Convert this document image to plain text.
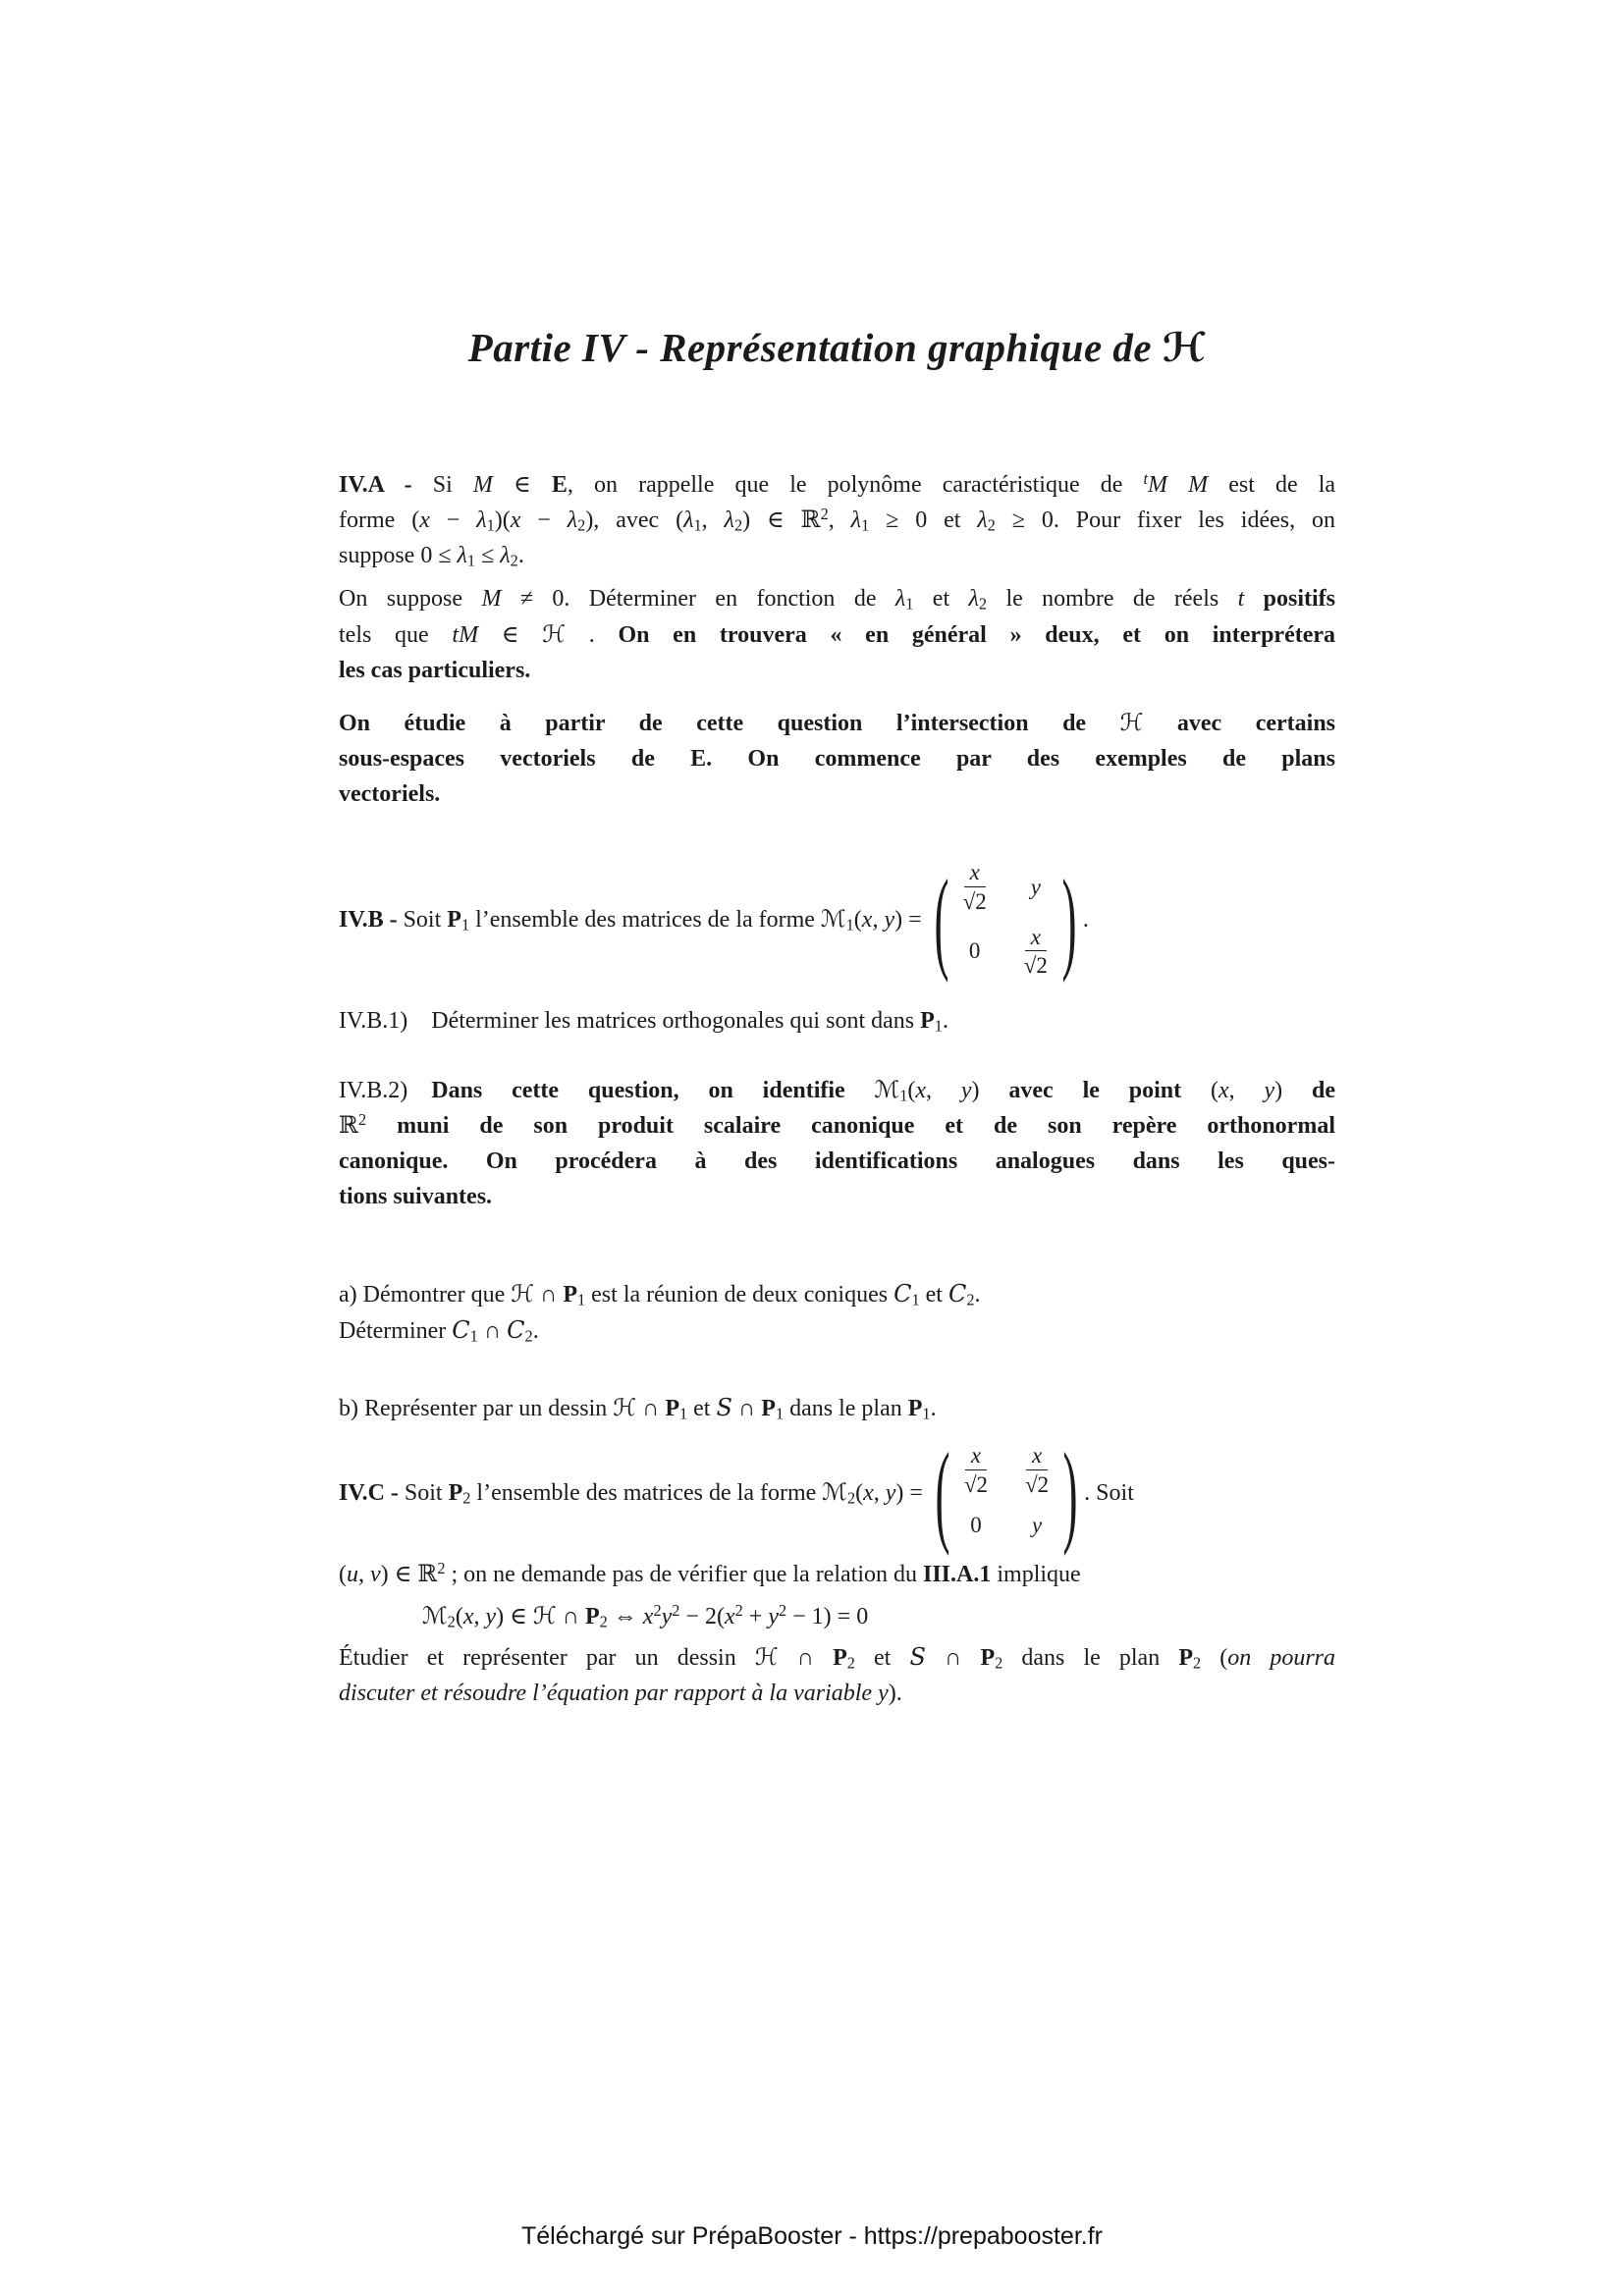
Partie IV - Représentation graphique de ℋ
IV.A - Si M ∈ E, on rappelle que le polynôme caractéristique de $^t$M M est de la
forme $(x - \lambda_1)(x - \lambda_2)$, avec ($\lambda_1$, $\lambda_2$) ∈ ℝ$^2$, $\lambda_1 \ge 0$ et $\lambda_2 \ge 0$. Pour fixer les idées, on
suppose $0 \le \lambda_1 \le \lambda_2$.
On suppose M ≠ 0. Déterminer en fonction de $\lambda_1$ et $\lambda_2$ le nombre de réels t positifs
tels que tM ∈ ℋ . On en trouvera « en général » deux, et on interprétera
les cas particuliers.
On étudie à partir de cette question l’intersection de ℋ avec certains
sous-espaces vectoriels de E. On commence par des exemples de plans
vectoriels.
IV.B - Soit $P_1$ l’ensemble des matrices de la forme ℳ$_1$(x, y) = ( $\frac{x}{√2}$ y
$0 \frac{x}{√2}$ ) .
IV.B.1) Déterminer les matrices orthogonales qui sont dans $P_1$.
IV.B.2) Dans cette question, on identifie ℳ$_1$(x, y) avec le point (x, y) de
ℝ$^2$ muni de son produit scalaire canonique et de son repère orthonormal
canonique. On procédera à des identifications analogues dans les ques-
tions suivantes.
a) Démontrer que ℋ ∩ $P_1$ est la réunion de deux coniques $C_1$ et $C_2$.
Déterminer $C_1$ ∩ $C_2$.
b) Représenter par un dessin ℋ ∩ $P_1$ et S ∩ $P_1$ dans le plan $P_1$.
IV.C - Soit $P_2$ l’ensemble des matrices de la forme ℳ$_2$(x, y) = ( $\frac{x}{√2} \frac{x}{√2}$
0 y ) . Soit
(u, v) ∈ ℝ$^2$ ; on ne demande pas de vérifier que la relation du III.A.1 implique
ℳ$_2$(x, y) ∈ ℋ ∩ $P_2$ ⇔ $x^2y^2 - 2(x^2 + y^2 - 1) = 0$
Étudier et représenter par un dessin ℋ ∩ $P_2$ et S ∩ $P_2$ dans le plan $P_2$ (on pourra
discuter et résoudre l’équation par rapport à la variable y).
Téléchargé sur PrépaBooster - https://prepabooster.fr
